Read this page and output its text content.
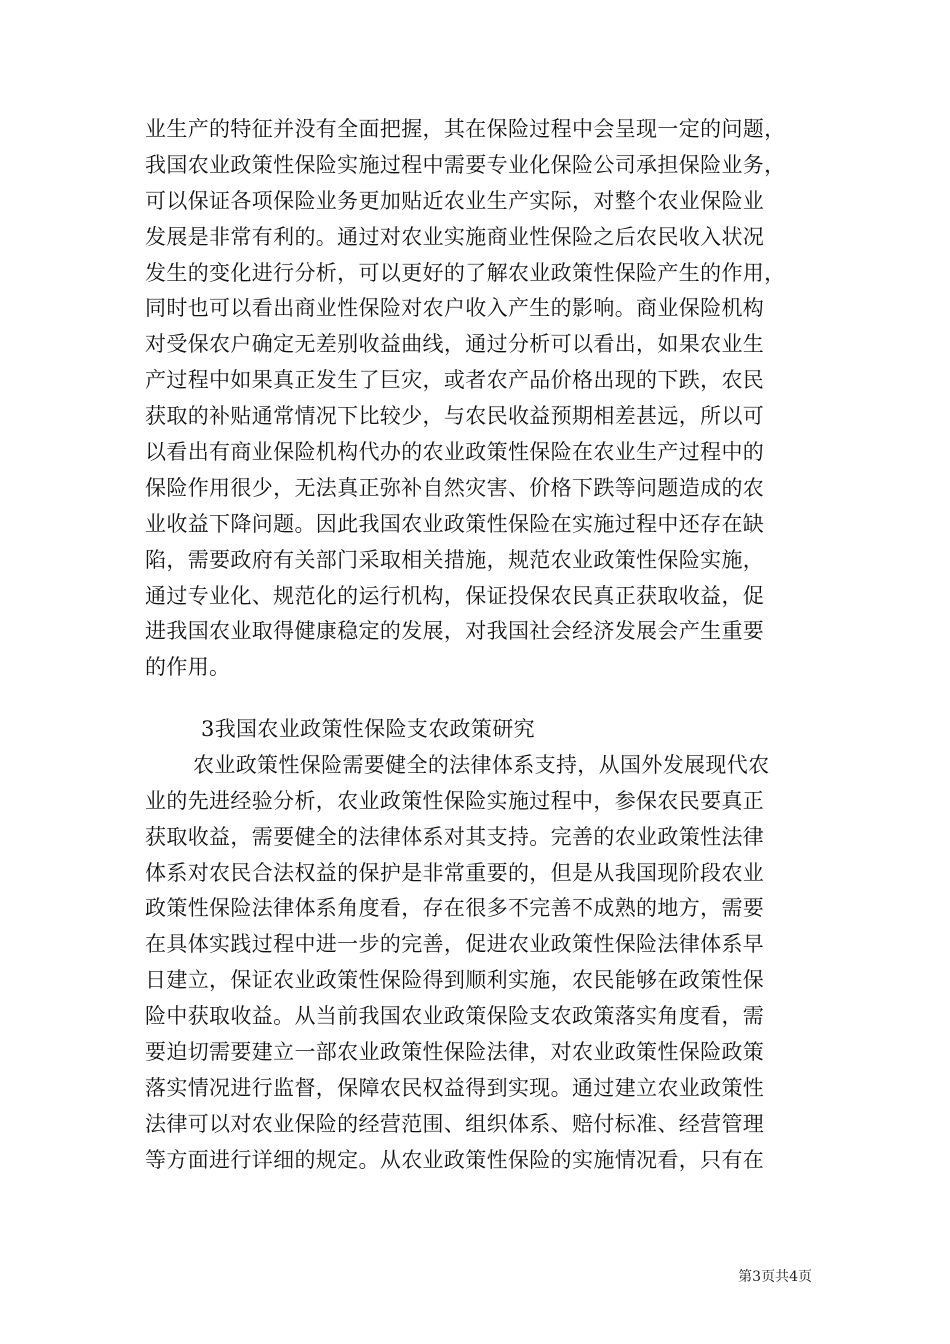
业生产的特征并没有全面把握，其在保险过程中会呈现一定的问题，
我国农业政策性保险实施过程中需要专业化保险公司承担保险业务，
可以保证各项保险业务更加贴近农业生产实际，对整个农业保险业
发展是非常有利的。通过对农业实施商业性保险之后农民收入状况
发生的变化进行分析，可以更好的了解农业政策性保险产生的作用，
同时也可以看出商业性保险对农户收入产生的影响。商业保险机构
对受保农户确定无差别收益曲线，通过分析可以看出，如果农业生
产过程中如果真正发生了巨灾，或者农产品价格出现的下跌，农民
获取的补贴通常情况下比较少，与农民收益预期相差甚远，所以可
以看出有商业保险机构代办的农业政策性保险在农业生产过程中的
保险作用很少，无法真正弥补自然灾害、价格下跌等问题造成的农
业收益下降问题。因此我国农业政策性保险在实施过程中还存在缺
陷，需要政府有关部门采取相关措施，规范农业政策性保险实施，
通过专业化、规范化的运行机构，保证投保农民真正获取收益，促
进我国农业取得健康稳定的发展，对我国社会经济发展会产生重要
的作用。
3我国农业政策性保险支农政策研究
农业政策性保险需要健全的法律体系支持，从国外发展现代农
业的先进经验分析，农业政策性保险实施过程中，参保农民要真正
获取收益，需要健全的法律体系对其支持。完善的农业政策性法律
体系对农民合法权益的保护是非常重要的，但是从我国现阶段农业
政策性保险法律体系角度看，存在很多不完善不成熟的地方，需要
在具体实践过程中进一步的完善，促进农业政策性保险法律体系早
日建立，保证农业政策性保险得到顺利实施，农民能够在政策性保
险中获取收益。从当前我国农业政策保险支农政策落实角度看，需
要迫切需要建立一部农业政策性保险法律，对农业政策性保险政策
落实情况进行监督，保障农民权益得到实现。通过建立农业政策性
法律可以对农业保险的经营范围、组织体系、赔付标准、经营管理
等方面进行详细的规定。从农业政策性保险的实施情况看，只有在
第3页共4页
